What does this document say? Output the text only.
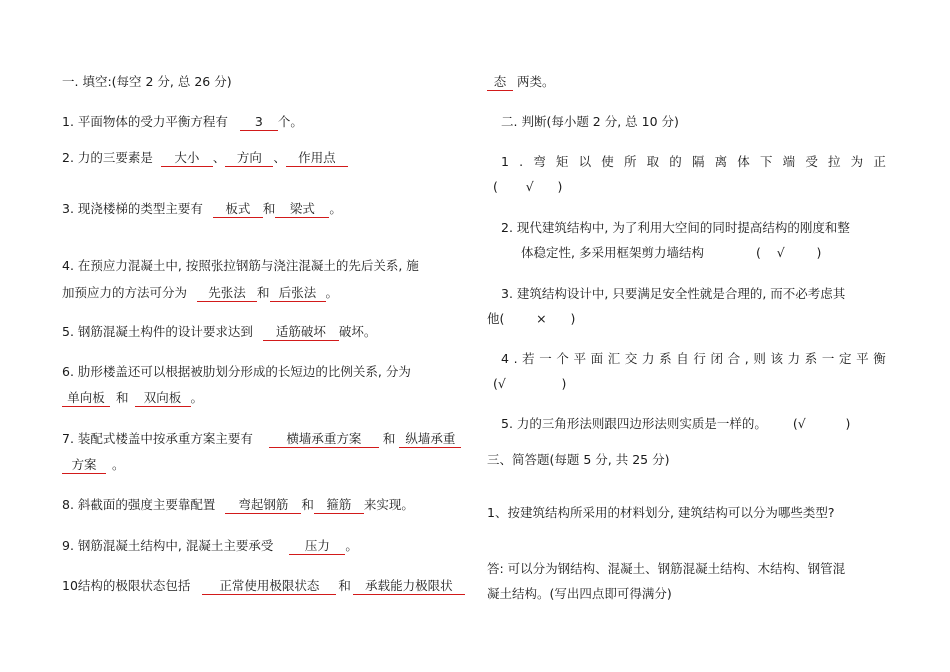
一. 填空:(每空 2 分, 总 26 分)
1. 平面物体的受力平衡方程有 3 个。
2. 力的三要素是 大小 、 方向 、 作用点
3. 现浇楼梯的类型主要有 板式 和 梁式 。
4. 在预应力混凝土中, 按照张拉钢筋与浇注混凝土的先后关系, 施
加预应力的方法可分为 先张法 和 后张法 。
5. 钢筋混凝土构件的设计要求达到 适筋破坏 破坏。
6. 肋形楼盖还可以根据被肋划分形成的长短边的比例关系, 分为
单向板 和 双向板 。
7. 装配式楼盖中按承重方案主要有	横墙承重方案 和 纵墙承重
方案 。
8. 斜截面的强度主要靠配置 弯起钢筋 和 箍筋 来实现。
9. 钢筋混凝土结构中, 混凝土主要承受	压力 。
10结构的极限状态包括 正常使用极限状态 和 承载能力极限状
态 两类。
二. 判断(每小题 2 分, 总 10 分)
1 . 弯 矩 以 使 所 取 的 隔 离 体 下 端 受 拉 为 正
(       √      )
2. 现代建筑结构中, 为了利用大空间的同时提高结构的刚度和整
体稳定性, 多采用框架剪力墙结构	(    √        )
3. 建筑结构设计中, 只要满足安全性就是合理的, 而不必考虑其
他(        ×      )
4 . 若 一 个 平 面 汇 交 力 系 自 行 闭 合 , 则 该 力 系 一 定 平 衡
(√              )
5. 力的三角形法则跟四边形法则实质是一样的。 (√          )
三、简答题(每题 5 分, 共 25 分)
1、按建筑结构所采用的材料划分, 建筑结构可以分为哪些类型?
答: 可以分为钢结构、混凝土、钢筋混凝土结构、木结构、钢管混
凝土结构。(写出四点即可得满分)
